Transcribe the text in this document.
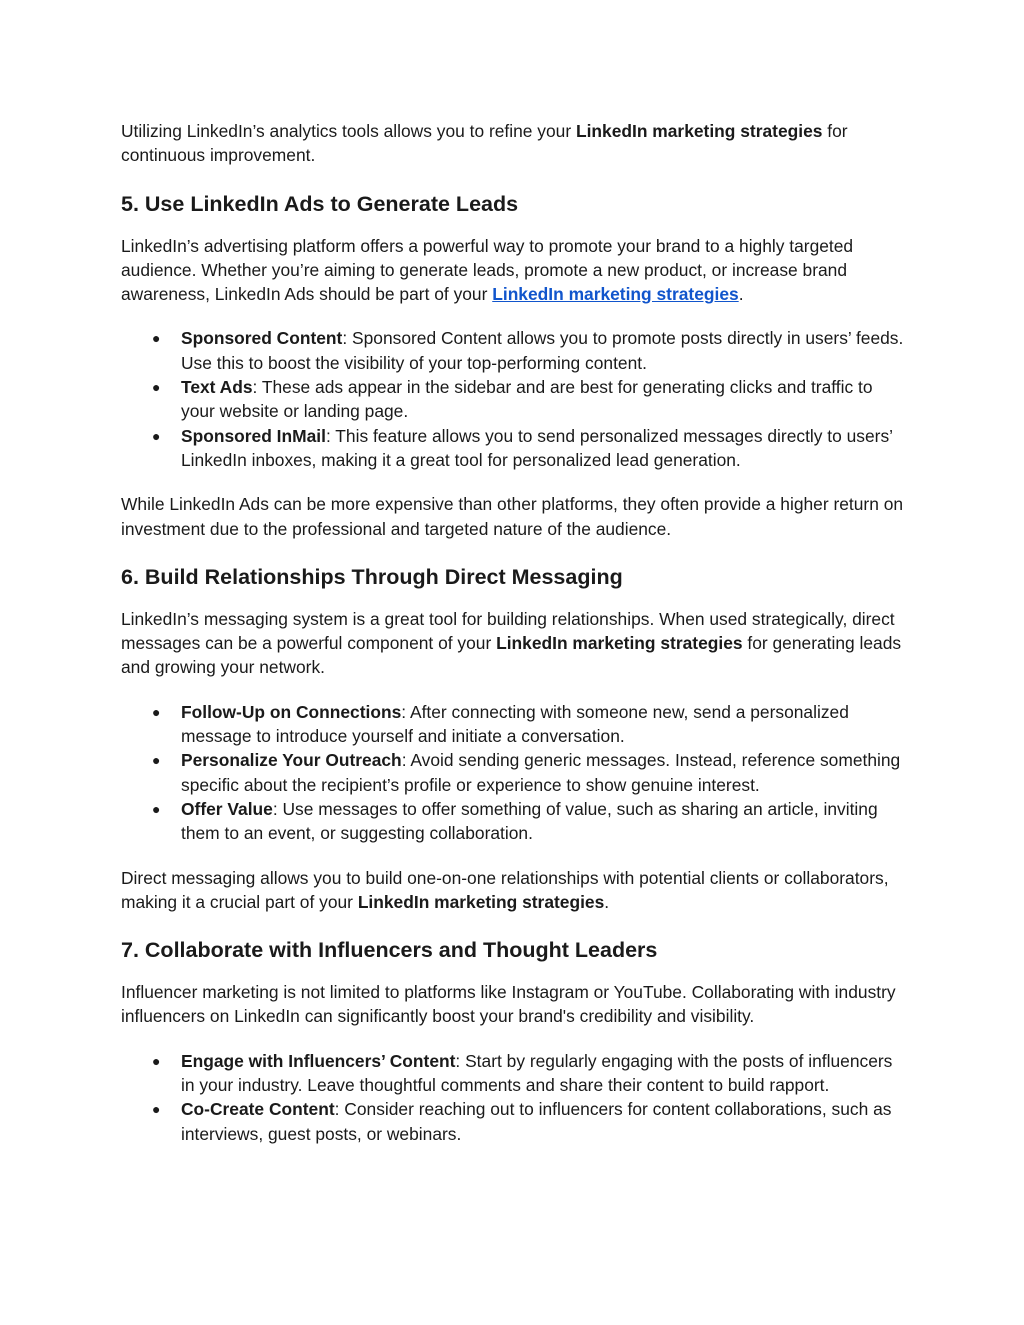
Utilizing LinkedIn’s analytics tools allows you to refine your LinkedIn marketing strategies for continuous improvement.

5. Use LinkedIn Ads to Generate Leads

LinkedIn’s advertising platform offers a powerful way to promote your brand to a highly targeted audience. Whether you’re aiming to generate leads, promote a new product, or increase brand awareness, LinkedIn Ads should be part of your LinkedIn marketing strategies.

● Sponsored Content: Sponsored Content allows you to promote posts directly in users’ feeds. Use this to boost the visibility of your top-performing content.
● Text Ads: These ads appear in the sidebar and are best for generating clicks and traffic to your website or landing page.
● Sponsored InMail: This feature allows you to send personalized messages directly to users’ LinkedIn inboxes, making it a great tool for personalized lead generation.

While LinkedIn Ads can be more expensive than other platforms, they often provide a higher return on investment due to the professional and targeted nature of the audience.

6. Build Relationships Through Direct Messaging

LinkedIn’s messaging system is a great tool for building relationships. When used strategically, direct messages can be a powerful component of your LinkedIn marketing strategies for generating leads and growing your network.

● Follow-Up on Connections: After connecting with someone new, send a personalized message to introduce yourself and initiate a conversation.
● Personalize Your Outreach: Avoid sending generic messages. Instead, reference something specific about the recipient’s profile or experience to show genuine interest.
● Offer Value: Use messages to offer something of value, such as sharing an article, inviting them to an event, or suggesting collaboration.

Direct messaging allows you to build one-on-one relationships with potential clients or collaborators, making it a crucial part of your LinkedIn marketing strategies.

7. Collaborate with Influencers and Thought Leaders

Influencer marketing is not limited to platforms like Instagram or YouTube. Collaborating with industry influencers on LinkedIn can significantly boost your brand's credibility and visibility.

● Engage with Influencers’ Content: Start by regularly engaging with the posts of influencers in your industry. Leave thoughtful comments and share their content to build rapport.
● Co-Create Content: Consider reaching out to influencers for content collaborations, such as interviews, guest posts, or webinars.
